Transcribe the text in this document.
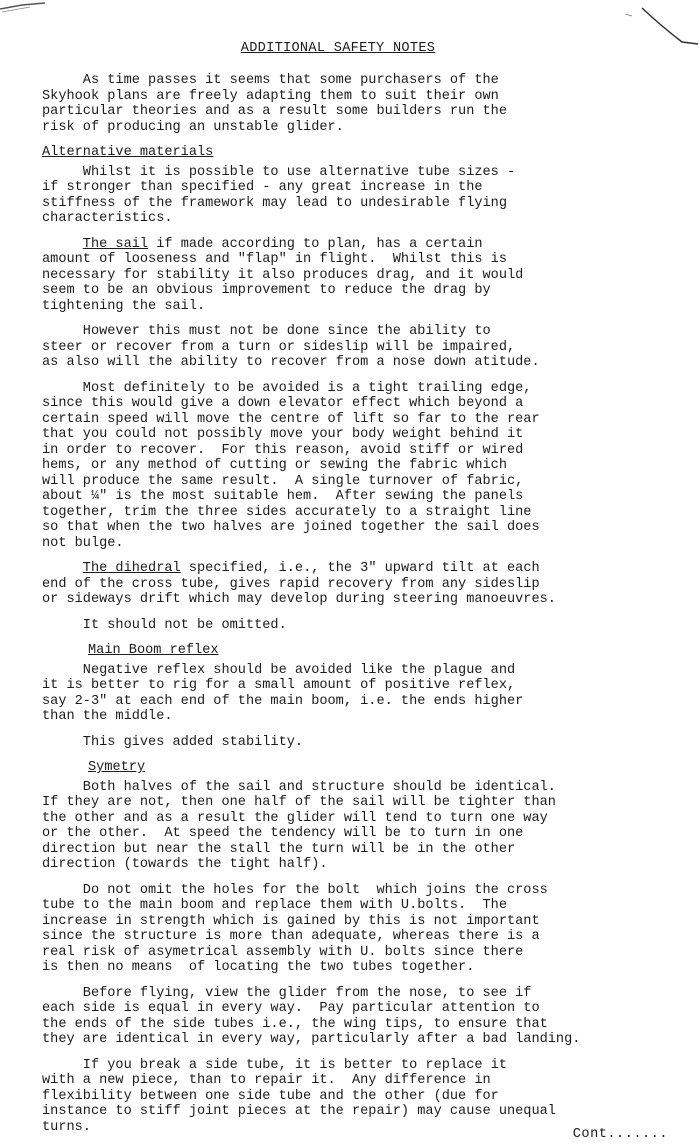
ADDITIONAL SAFETY NOTES
As time passes it seems that some purchasers of the
Skyhook plans are freely adapting them to suit their own
particular theories and as a result some builders run the
risk of producing an unstable glider.
Alternative materials
Whilst it is possible to use alternative tube sizes -
if stronger than specified - any great increase in the
stiffness of the framework may lead to undesirable flying
characteristics.
The sail if made according to plan, has a certain
amount of looseness and "flap" in flight.  Whilst this is
necessary for stability it also produces drag, and it would
seem to be an obvious improvement to reduce the drag by
tightening the sail.
However this must not be done since the ability to
steer or recover from a turn or sideslip will be impaired,
as also will the ability to recover from a nose down atitude.
Most definitely to be avoided is a tight trailing edge,
since this would give a down elevator effect which beyond a
certain speed will move the centre of lift so far to the rear
that you could not possibly move your body weight behind it
in order to recover.  For this reason, avoid stiff or wired
hems, or any method of cutting or sewing the fabric which
will produce the same result.  A single turnover of fabric,
about ¼" is the most suitable hem.  After sewing the panels
together, trim the three sides accurately to a straight line
so that when the two halves are joined together the sail does
not bulge.
The dihedral specified, i.e., the 3" upward tilt at each
end of the cross tube, gives rapid recovery from any sideslip
or sideways drift which may develop during steering manoeuvres.
It should not be omitted.
Main Boom reflex
Negative reflex should be avoided like the plague and
it is better to rig for a small amount of positive reflex,
say 2-3" at each end of the main boom, i.e. the ends higher
than the middle.
This gives added stability.
Symetry
Both halves of the sail and structure should be identical.
If they are not, then one half of the sail will be tighter than
the other and as a result the glider will tend to turn one way
or the other.  At speed the tendency will be to turn in one
direction but near the stall the turn will be in the other
direction (towards the tight half).
Do not omit the holes for the bolt  which joins the cross
tube to the main boom and replace them with U.bolts.  The
increase in strength which is gained by this is not important
since the structure is more than adequate, whereas there is a
real risk of asymetrical assembly with U. bolts since there
is then no means  of locating the two tubes together.
Before flying, view the glider from the nose, to see if
each side is equal in every way.  Pay particular attention to
the ends of the side tubes i.e., the wing tips, to ensure that
they are identical in every way, particularly after a bad landing.
If you break a side tube, it is better to replace it
with a new piece, than to repair it.  Any difference in
flexibility between one side tube and the other (due for
instance to stiff joint pieces at the repair) may cause unequal
turns.	Cont.......
